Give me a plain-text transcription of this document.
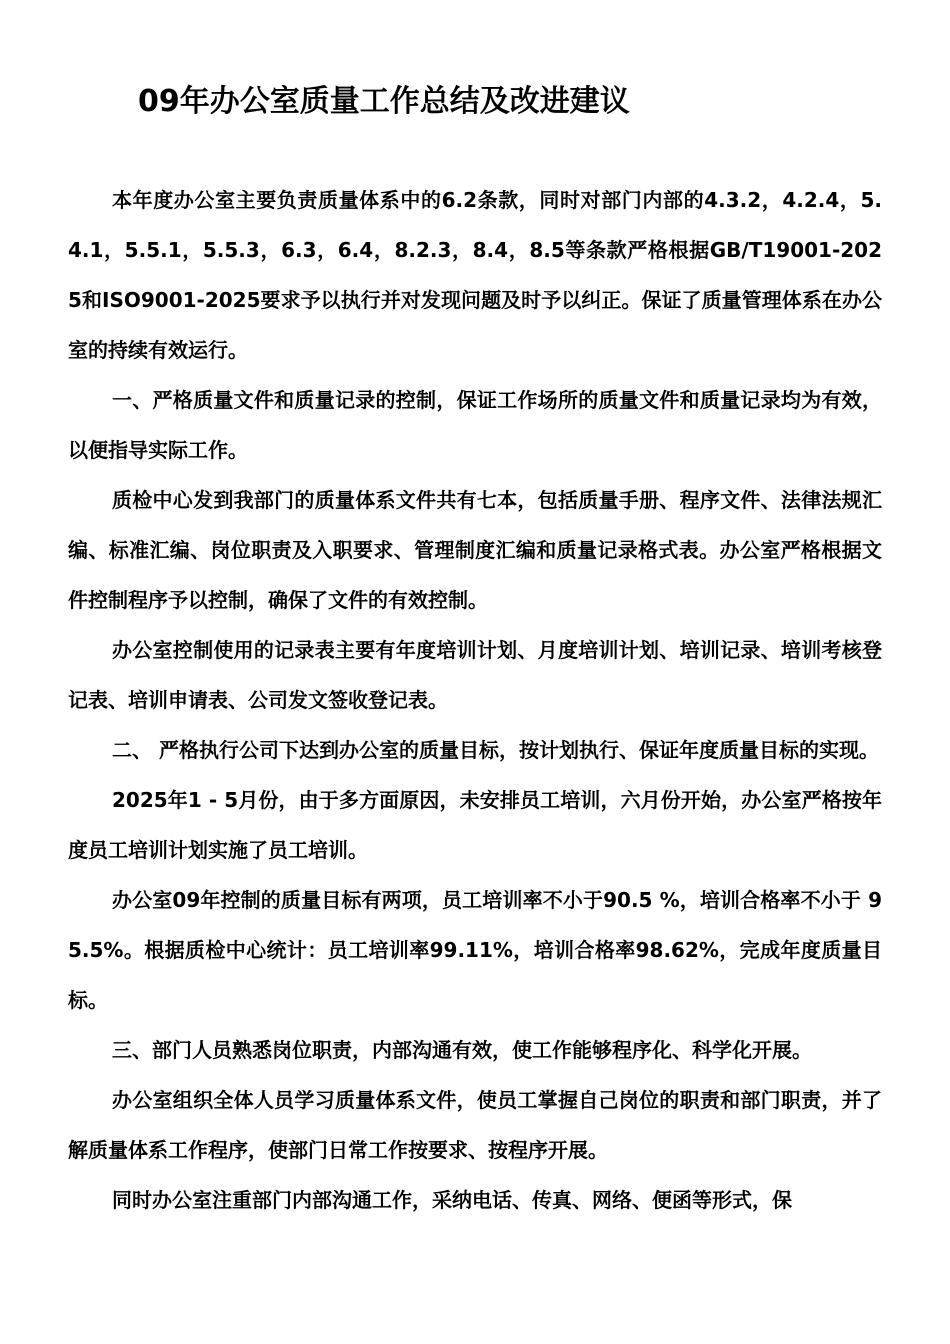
09年办公室质量工作总结及改进建议

本年度办公室主要负责质量体系中的6.2条款，同时对部门内部的4.3.2，4.2.4，5.4.1，5.5.1，5.5.3，6.3，6.4，8.2.3，8.4，8.5等条款严格根据GB/T19001-2025和ISO9001-2025要求予以执行并对发现问题及时予以纠正。保证了质量管理体系在办公室的持续有效运行。

一、严格质量文件和质量记录的控制，保证工作场所的质量文件和质量记录均为有效，以便指导实际工作。

质检中心发到我部门的质量体系文件共有七本，包括质量手册、程序文件、法律法规汇编、标准汇编、岗位职责及入职要求、管理制度汇编和质量记录格式表。办公室严格根据文件控制程序予以控制，确保了文件的有效控制。

办公室控制使用的记录表主要有年度培训计划、月度培训计划、培训记录、培训考核登记表、培训申请表、公司发文签收登记表。

二、 严格执行公司下达到办公室的质量目标，按计划执行、保证年度质量目标的实现。

2025年1 - 5月份，由于多方面原因，未安排员工培训，六月份开始，办公室严格按年度员工培训计划实施了员工培训。

办公室09年控制的质量目标有两项，员工培训率不小于90.5 %，培训合格率不小于 95.5%。根据质检中心统计：员工培训率99.11%，培训合格率98.62%，完成年度质量目标。

三、部门人员熟悉岗位职责，内部沟通有效，使工作能够程序化、科学化开展。

办公室组织全体人员学习质量体系文件，使员工掌握自己岗位的职责和部门职责，并了解质量体系工作程序，使部门日常工作按要求、按程序开展。

同时办公室注重部门内部沟通工作，采纳电话、传真、网络、便函等形式，保
